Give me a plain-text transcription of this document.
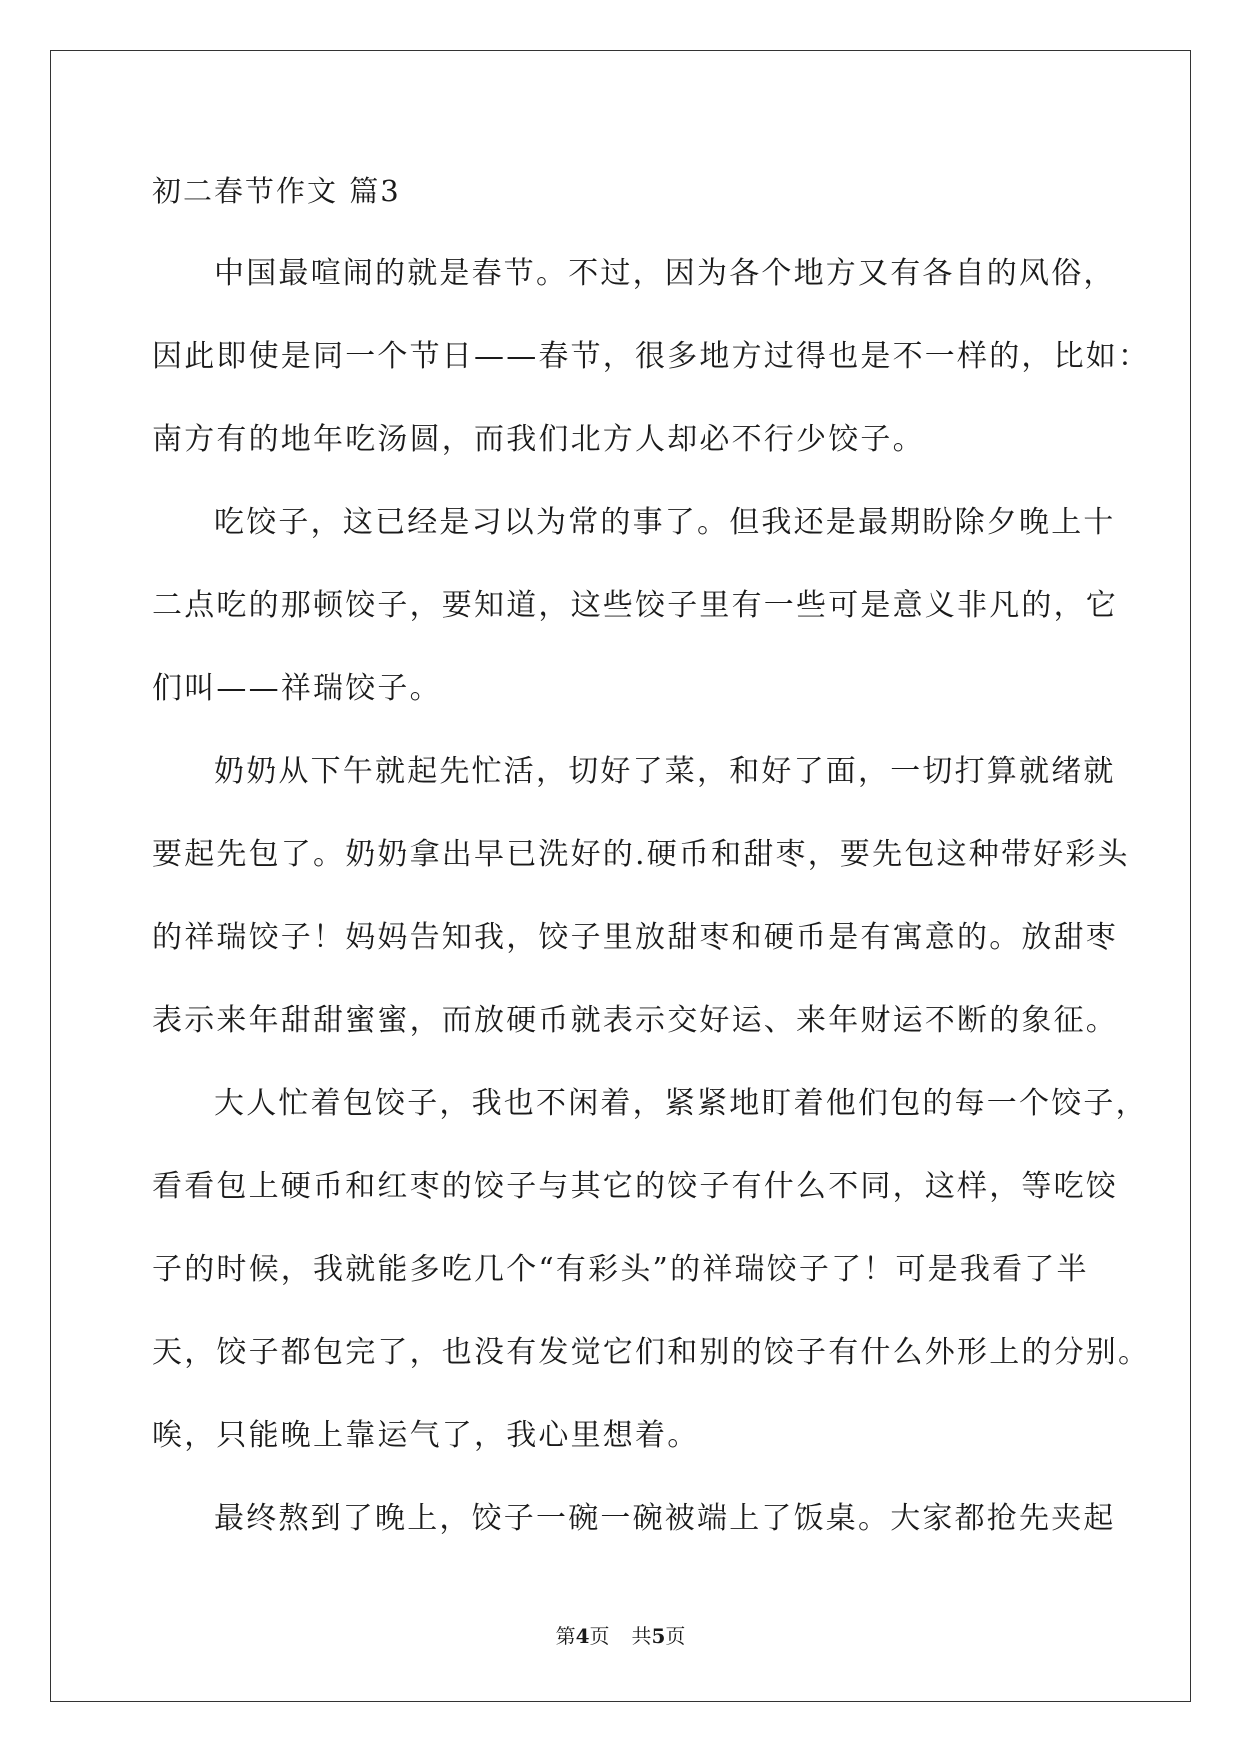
初二春节作文 篇3
中国最喧闹的就是春节。不过，因为各个地方又有各自的风俗，
因此即使是同一个节日——春节，很多地方过得也是不一样的，比如：
南方有的地年吃汤圆，而我们北方人却必不行少饺子。
吃饺子，这已经是习以为常的事了。但我还是最期盼除夕晚上十
二点吃的那顿饺子，要知道，这些饺子里有一些可是意义非凡的，它
们叫——祥瑞饺子。
奶奶从下午就起先忙活，切好了菜，和好了面，一切打算就绪就
要起先包了。奶奶拿出早已洗好的.硬币和甜枣，要先包这种带好彩头
的祥瑞饺子！妈妈告知我，饺子里放甜枣和硬币是有寓意的。放甜枣
表示来年甜甜蜜蜜，而放硬币就表示交好运、来年财运不断的象征。
大人忙着包饺子，我也不闲着，紧紧地盯着他们包的每一个饺子，
看看包上硬币和红枣的饺子与其它的饺子有什么不同，这样，等吃饺
子的时候，我就能多吃几个“有彩头”的祥瑞饺子了！可是我看了半
天，饺子都包完了，也没有发觉它们和别的饺子有什么外形上的分别。
唉，只能晚上靠运气了，我心里想着。
最终熬到了晚上，饺子一碗一碗被端上了饭桌。大家都抢先夹起
第4页 共5页
